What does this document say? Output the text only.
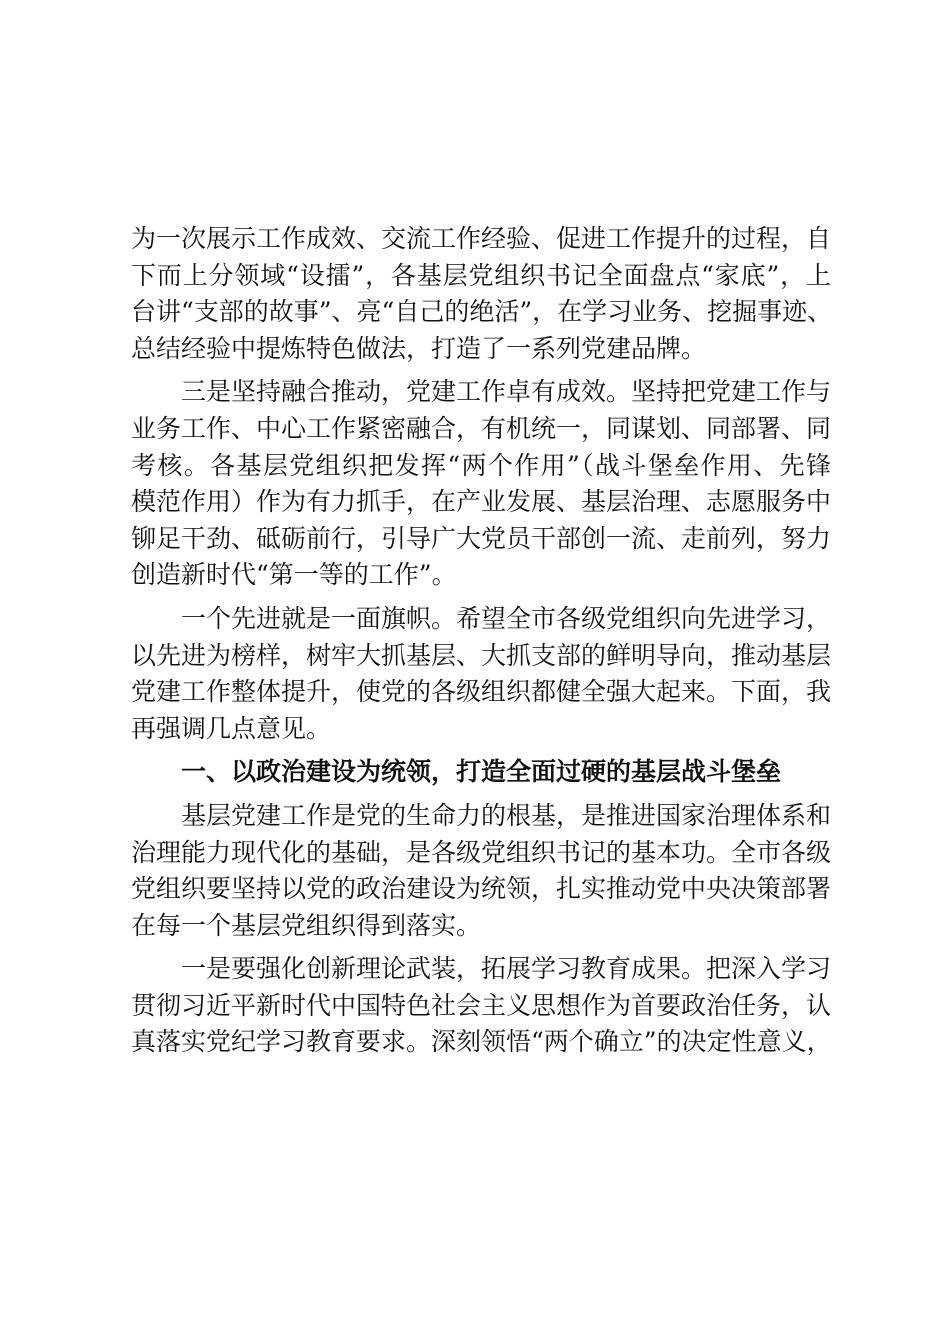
为一次展示工作成效、交流工作经验、促进工作提升的过程，自
下而上分领域“设擂”，各基层党组织书记全面盘点“家底”，上
台讲“支部的故事”、亮“自己的绝活”，在学习业务、挖掘事迹、
总结经验中提炼特色做法，打造了一系列党建品牌。
三是坚持融合推动，党建工作卓有成效。坚持把党建工作与
业务工作、中心工作紧密融合，有机统一，同谋划、同部署、同
考核。各基层党组织把发挥“两个作用”（战斗堡垒作用、先锋
模范作用）作为有力抓手，在产业发展、基层治理、志愿服务中
铆足干劲、砥砺前行，引导广大党员干部创一流、走前列，努力
创造新时代“第一等的工作”。
一个先进就是一面旗帜。希望全市各级党组织向先进学习，
以先进为榜样，树牢大抓基层、大抓支部的鲜明导向，推动基层
党建工作整体提升，使党的各级组织都健全强大起来。下面，我
再强调几点意见。
一、以政治建设为统领，打造全面过硬的基层战斗堡垒
基层党建工作是党的生命力的根基，是推进国家治理体系和
治理能力现代化的基础，是各级党组织书记的基本功。全市各级
党组织要坚持以党的政治建设为统领，扎实推动党中央决策部署
在每一个基层党组织得到落实。
一是要强化创新理论武装，拓展学习教育成果。把深入学习
贯彻习近平新时代中国特色社会主义思想作为首要政治任务，认
真落实党纪学习教育要求。深刻领悟“两个确立”的决定性意义，
